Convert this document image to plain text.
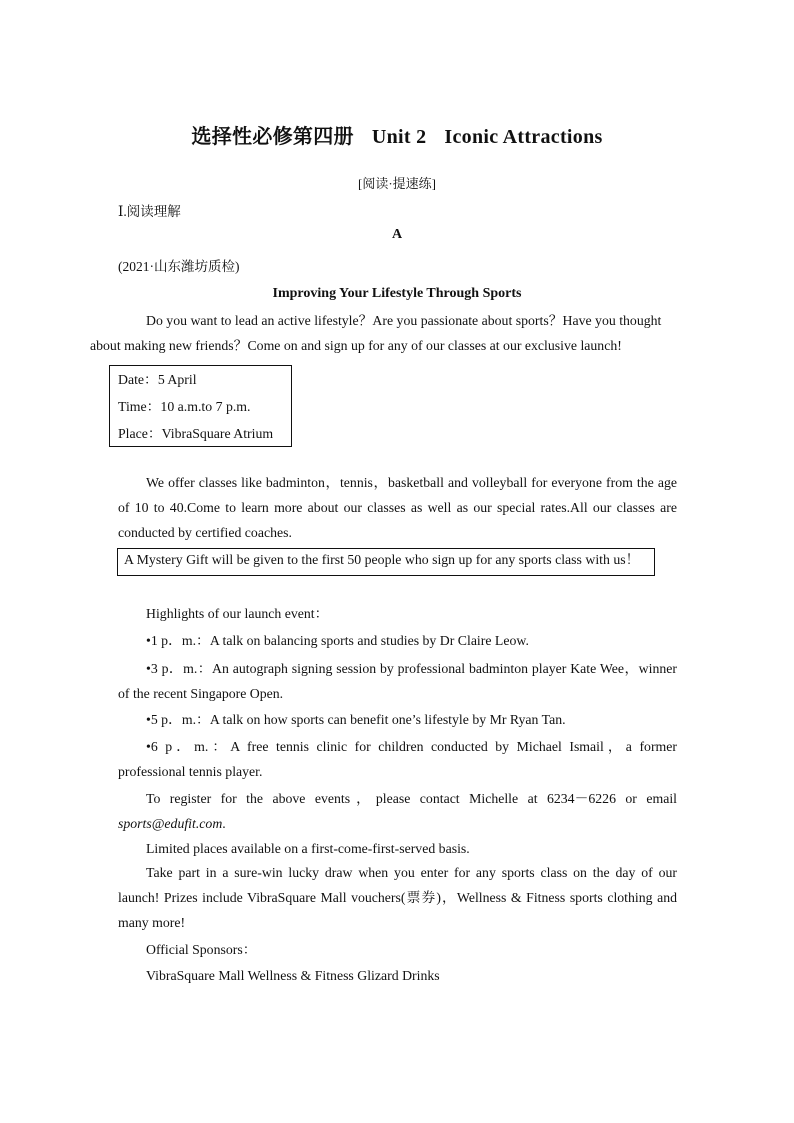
选择性必修第四册 Unit 2 Iconic Attractions
[阅读·提速练]
Ⅰ.阅读理解
A
(2021·山东潍坊质检)
Improving Your Lifestyle Through Sports
Do you want to lead an active lifestyle？Are you passionate about sports？Have you thought
about making new friends？Come on and sign up for any of our classes at our exclusive launch!
Date：5 April
Time：10 a.m.to 7 p.m.
Place：VibraSquare Atrium
We offer classes like badminton，tennis，basketball and volleyball for everyone from the age of 10 to 40.Come to learn more about our classes as well as our special rates.All our classes are conducted by certified coaches.
A Mystery Gift will be given to the first 50 people who sign up for any sports class with us！
Highlights of our launch event：
•1 p．m.：A talk on balancing sports and studies by Dr Claire Leow.
•3 p．m.：An autograph signing session by professional badminton player Kate Wee，winner of the recent Singapore Open.
•5 p．m.：A talk on how sports can benefit one’s lifestyle by Mr Ryan Tan.
•6 p．m.：A free tennis clinic for children conducted by Michael Ismail，a former professional tennis player.
To register for the above events，please contact Michelle at 6234－6226 or email sports@edufit.com.
Limited places available on a first-come-first-served basis.
Take part in a sure-win lucky draw when you enter for any sports class on the day of our launch! Prizes include VibraSquare Mall vouchers(票券)，Wellness & Fitness sports clothing and many more!
Official Sponsors：
VibraSquare Mall Wellness & Fitness Glizard Drinks
